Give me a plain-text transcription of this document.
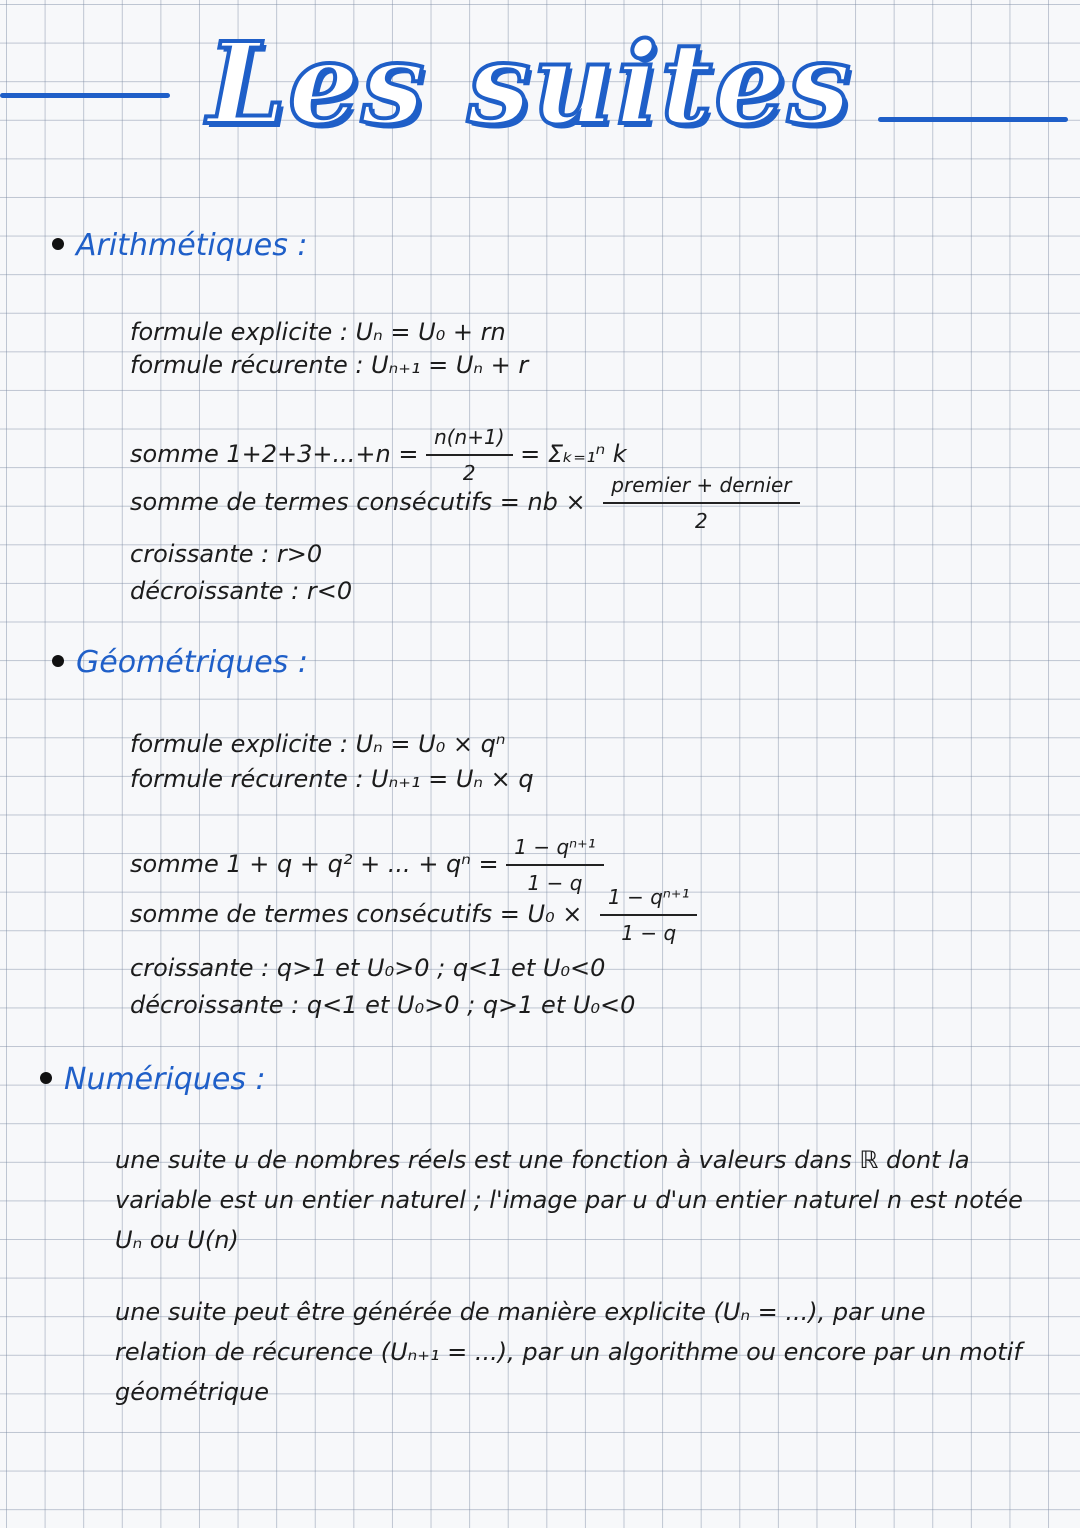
Les suites
Arithmétiques :
formule explicite : Uₙ = U₀ + rn
formule récurente : Uₙ₊₁ = Uₙ + r
somme $1+2+3+...+n = \frac{n(n+1)}{2} = \Sigma_{k=1}^n$ k
somme de termes consécutifs = nb × $\frac{\text{premier + dernier}}{2}$
croissante : r>0
décroissante : r<0
Géométriques :
formule explicite : Uₙ = U₀ × qⁿ
formule récurente : Uₙ₊₁ = Uₙ × q
somme 1 + q + q² + ... + $q^n = \frac{\text{1 − qⁿ⁺¹}}{1 - q}$
somme de termes consécutifs = $U_0 \times \frac{\text{1 − qⁿ⁺¹}}{1 - q}$
croissante : q>1 et U₀>0 ; q<1 et U₀<0
décroissante : q<1 et U₀>0 ; q>1 et U₀<0
Numériques :
une suite u de nombres réels est une fonction à valeurs dans ℝ dont la variable est un entier naturel ; l'image par u d'un entier naturel n est notée Uₙ ou U(n)
une suite peut être générée de manière explicite (Uₙ = ...), par une relation de récurence (Uₙ₊₁ = ...), par un algorithme ou encore par un motif géométrique
